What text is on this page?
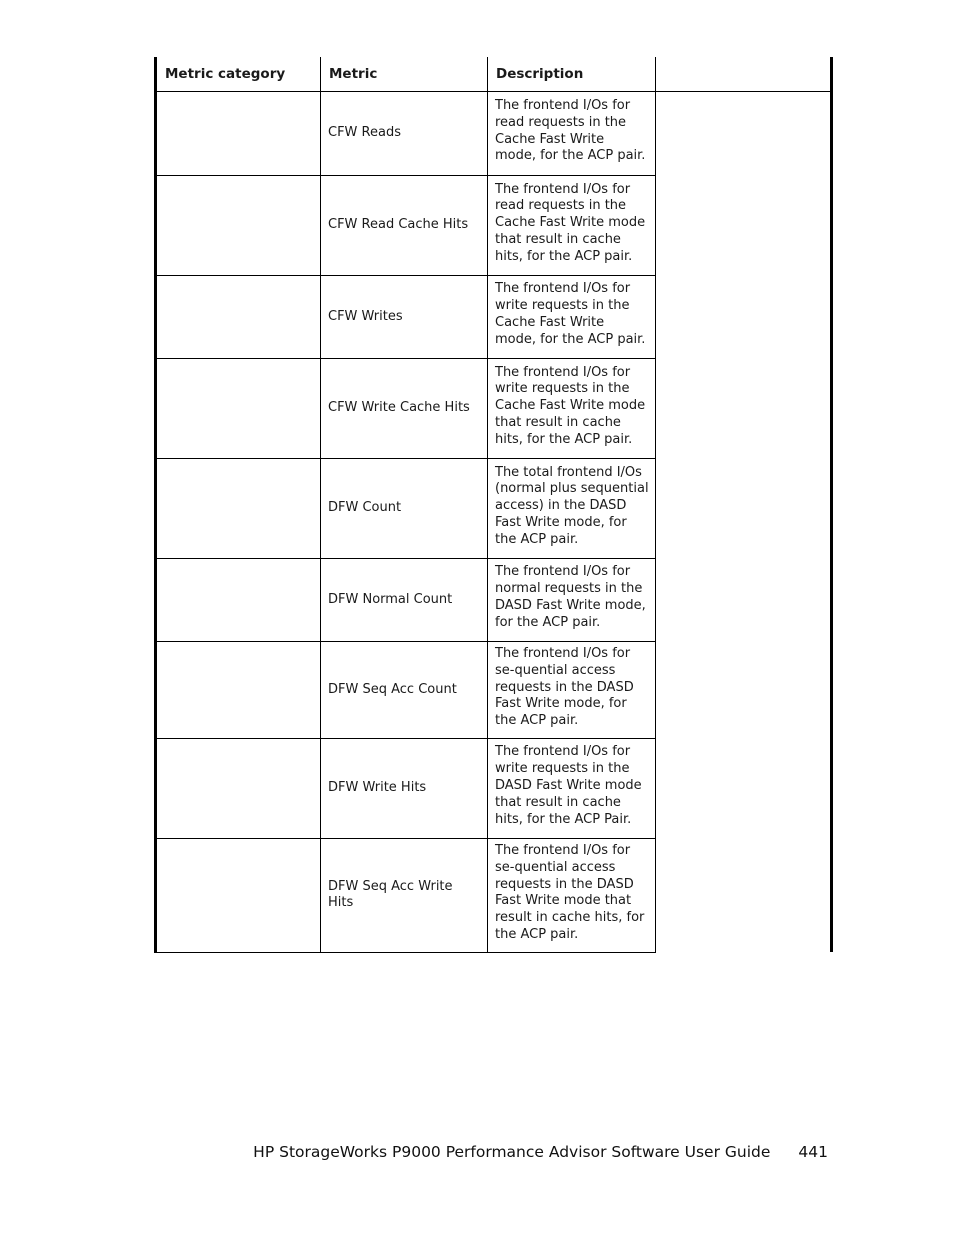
Metric category	Metric	Description	
	CFW Reads	The frontend I/Os for read requests in the Cache Fast Write mode, for the ACP pair.	
	CFW Read Cache Hits	The frontend I/Os for read requests in the Cache Fast Write mode that result in cache hits, for the ACP pair.	
	CFW Writes	The frontend I/Os for write requests in the Cache Fast Write mode, for the ACP pair.	
	CFW Write Cache Hits	The frontend I/Os for write requests in the Cache Fast Write mode that result in cache hits, for the ACP pair.	
	DFW Count	The total frontend I/Os (normal plus sequential access) in the DASD Fast Write mode, for the ACP pair.	
	DFW Normal Count	The frontend I/Os for normal requests in the DASD Fast Write mode, for the ACP pair.	
	DFW Seq Acc Count	The frontend I/Os for se-quential access requests in the DASD Fast Write mode, for the ACP pair.	
	DFW Write Hits	The frontend I/Os for write requests in the DASD Fast Write mode that result in cache hits, for the ACP Pair.	
	DFW Seq Acc Write Hits	The frontend I/Os for se-quential access requests in the DASD Fast Write mode that result in cache hits, for the ACP pair.	
HP StorageWorks P9000 Performance Advisor Software User Guide 441
